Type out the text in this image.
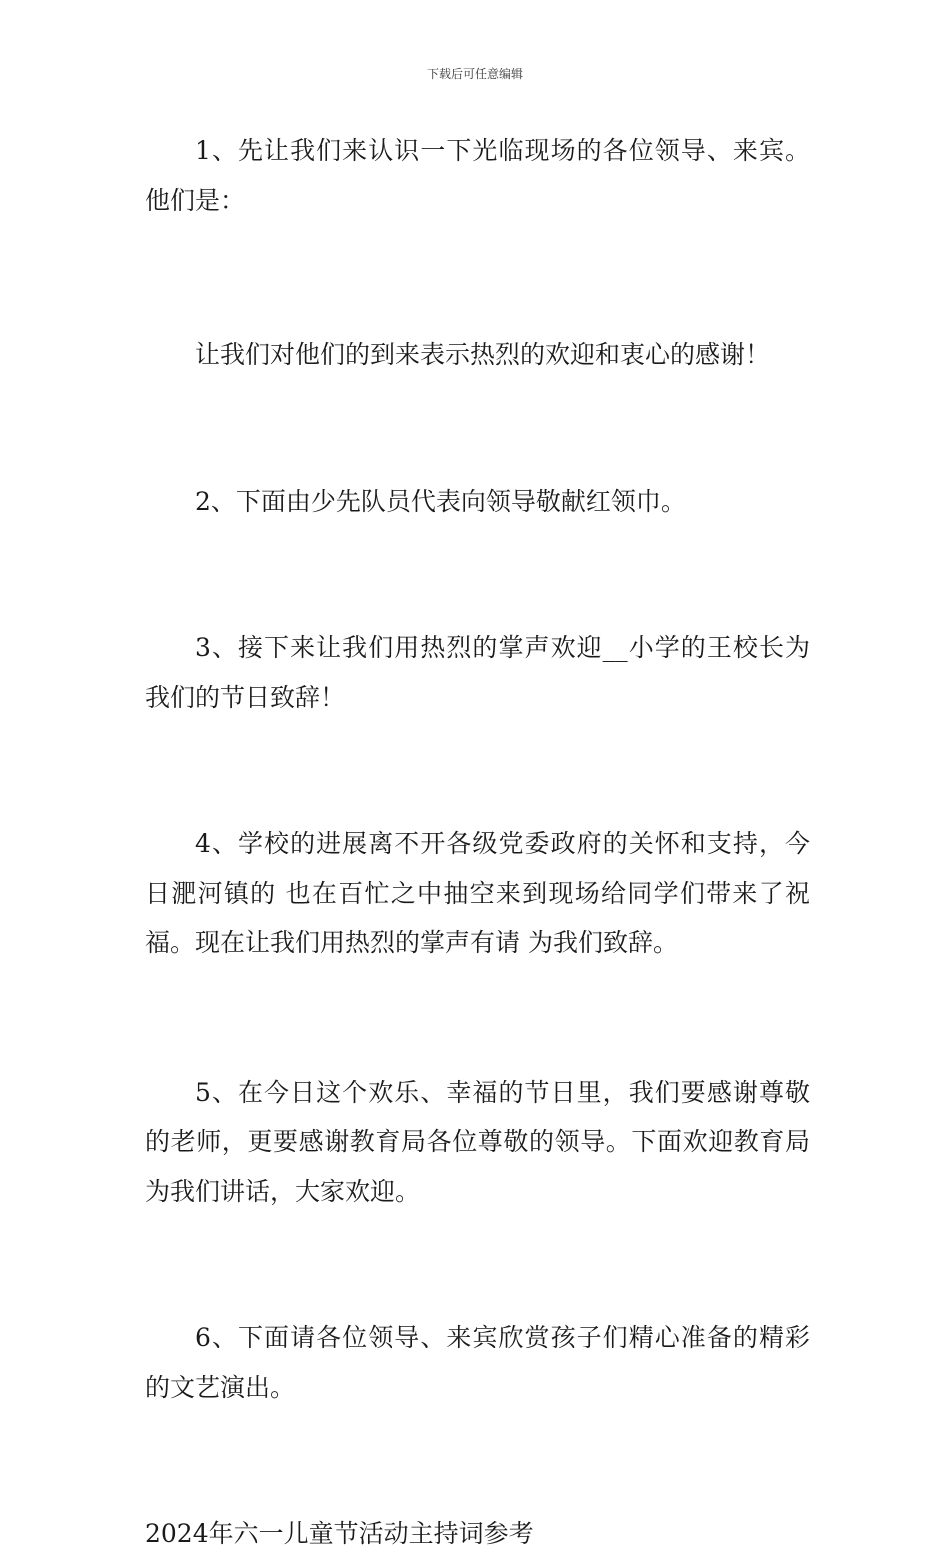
下载后可任意编辑

1、先让我们来认识一下光临现场的各位领导、来宾。他们是：

让我们对他们的到来表示热烈的欢迎和衷心的感谢！

2、下面由少先队员代表向领导敬献红领巾。

3、接下来让我们用热烈的掌声欢迎__小学的王校长为我们的节日致辞！

4、学校的进展离不开各级党委政府的关怀和支持，今日淝河镇的 也在百忙之中抽空来到现场给同学们带来了祝福。现在让我们用热烈的掌声有请 为我们致辞。

5、在今日这个欢乐、幸福的节日里，我们要感谢尊敬的老师，更要感谢教育局各位尊敬的领导。下面欢迎教育局 为我们讲话，大家欢迎。

6、下面请各位领导、来宾欣赏孩子们精心准备的精彩的文艺演出。

2024年六一儿童节活动主持词参考
